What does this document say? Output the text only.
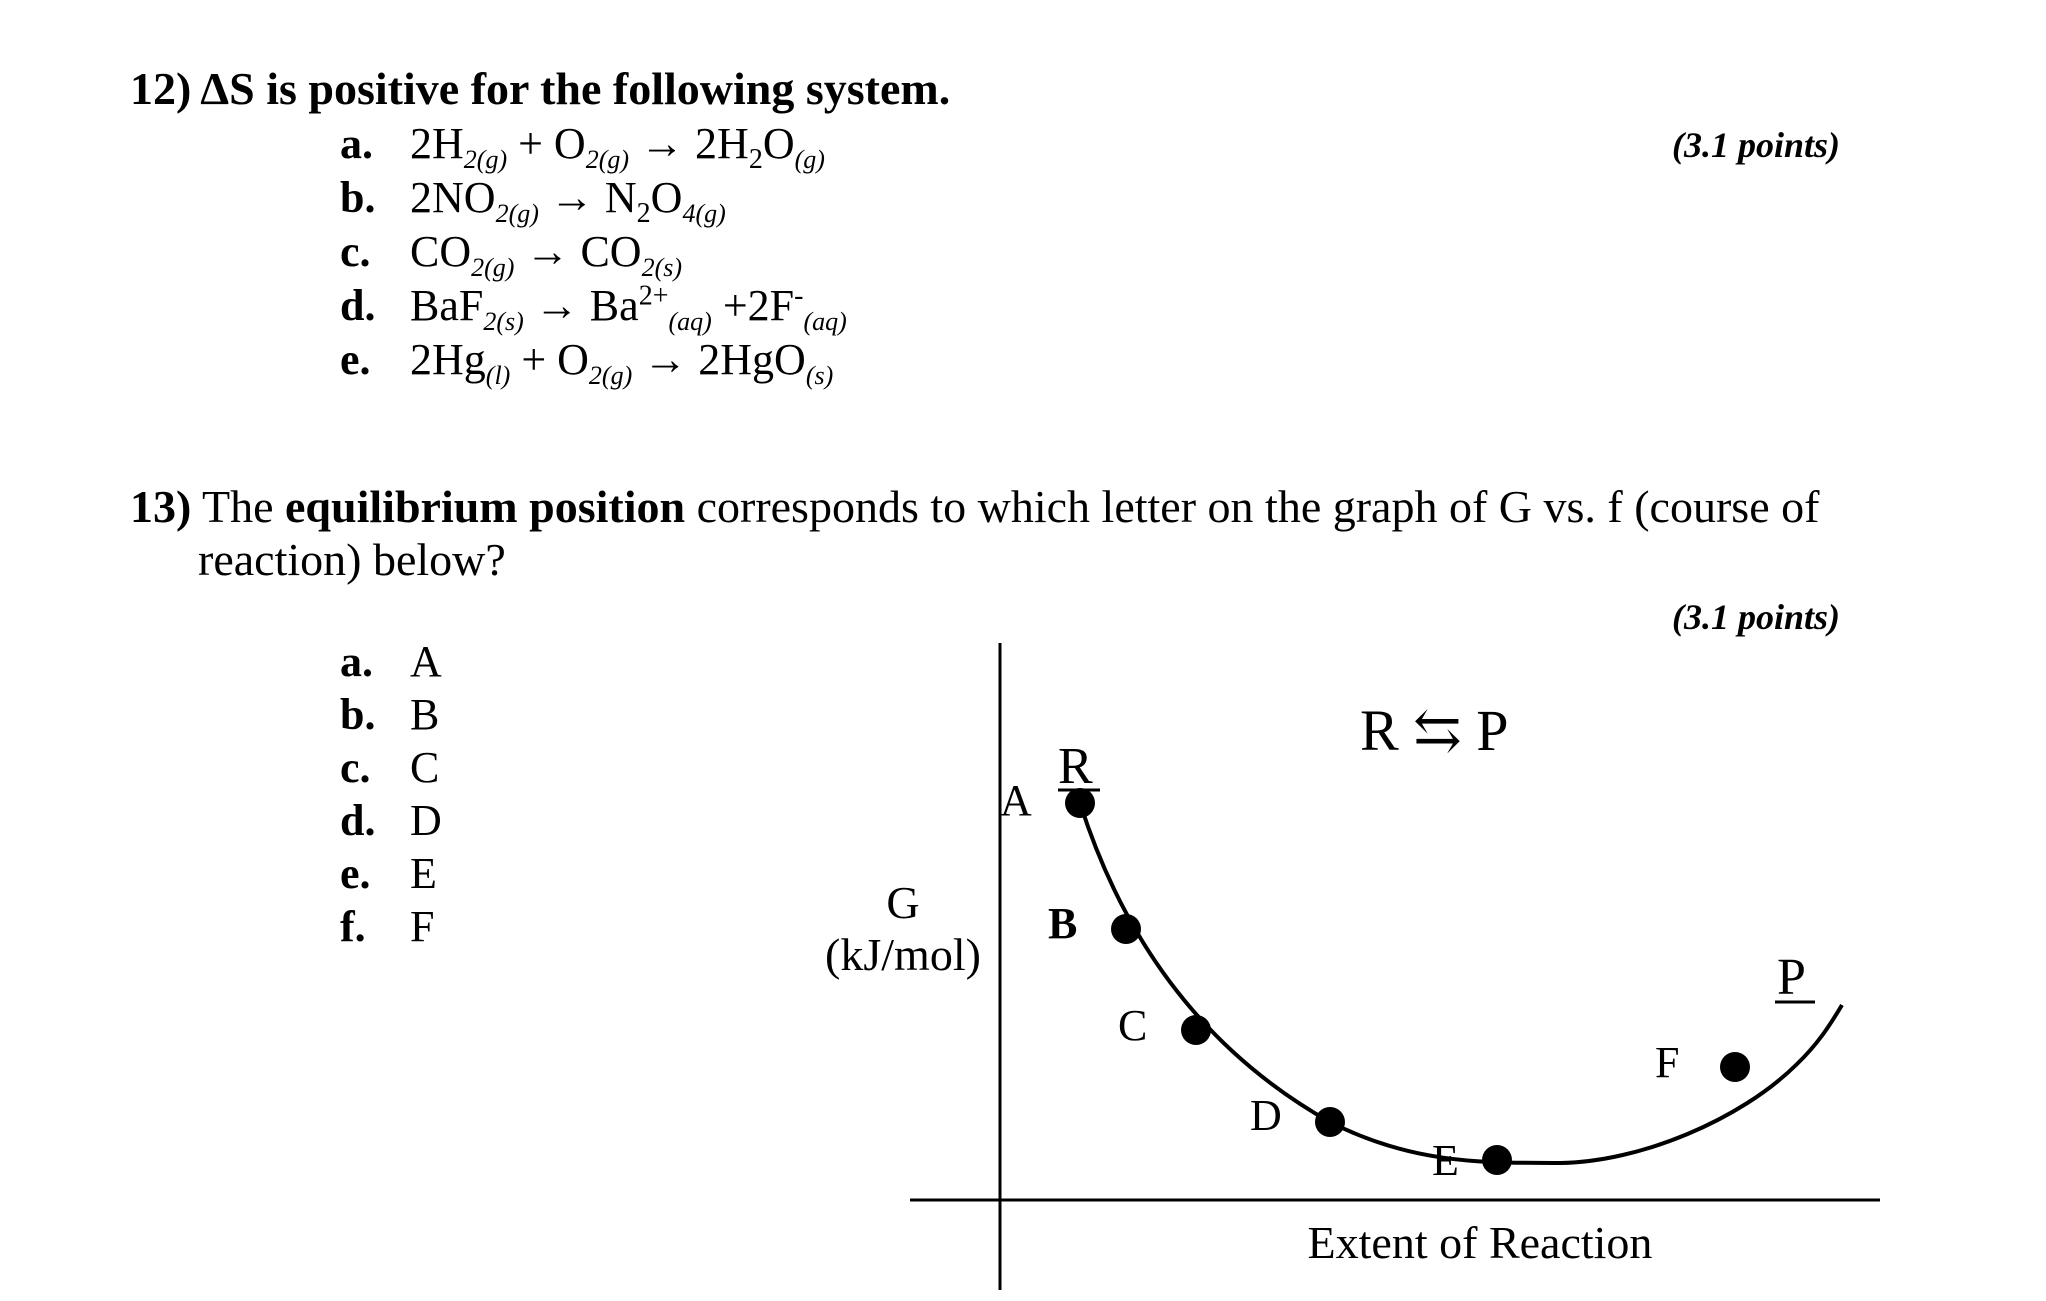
12) ΔS is positive for the following system.
(3.1 points)
a. $2H_{2(g)} + O_{2(g)} \to 2H_2O_{(g)}$
b. $2NO_{2(g)} \to N_2O_{4(g)}$
c. $CO_{2(g)} \to CO_{2(s)}$
d. $BaF_{2(s)} \to Ba^{2+}_{(aq)} +2F^-_{(aq)}$
e. $2Hg_{(l)} + O_{2(g)} \to 2HgO_{(s)}$
13) The equilibrium position corresponds to which letter on the graph of G vs. f (course of
reaction) below?
(3.1 points)
a. A
b. B
c. C
d. D
e. E
f. F
A
B
C
D
E
F
R
P
R ⇆ P
G
(kJ/mol)
Extent of Reaction
